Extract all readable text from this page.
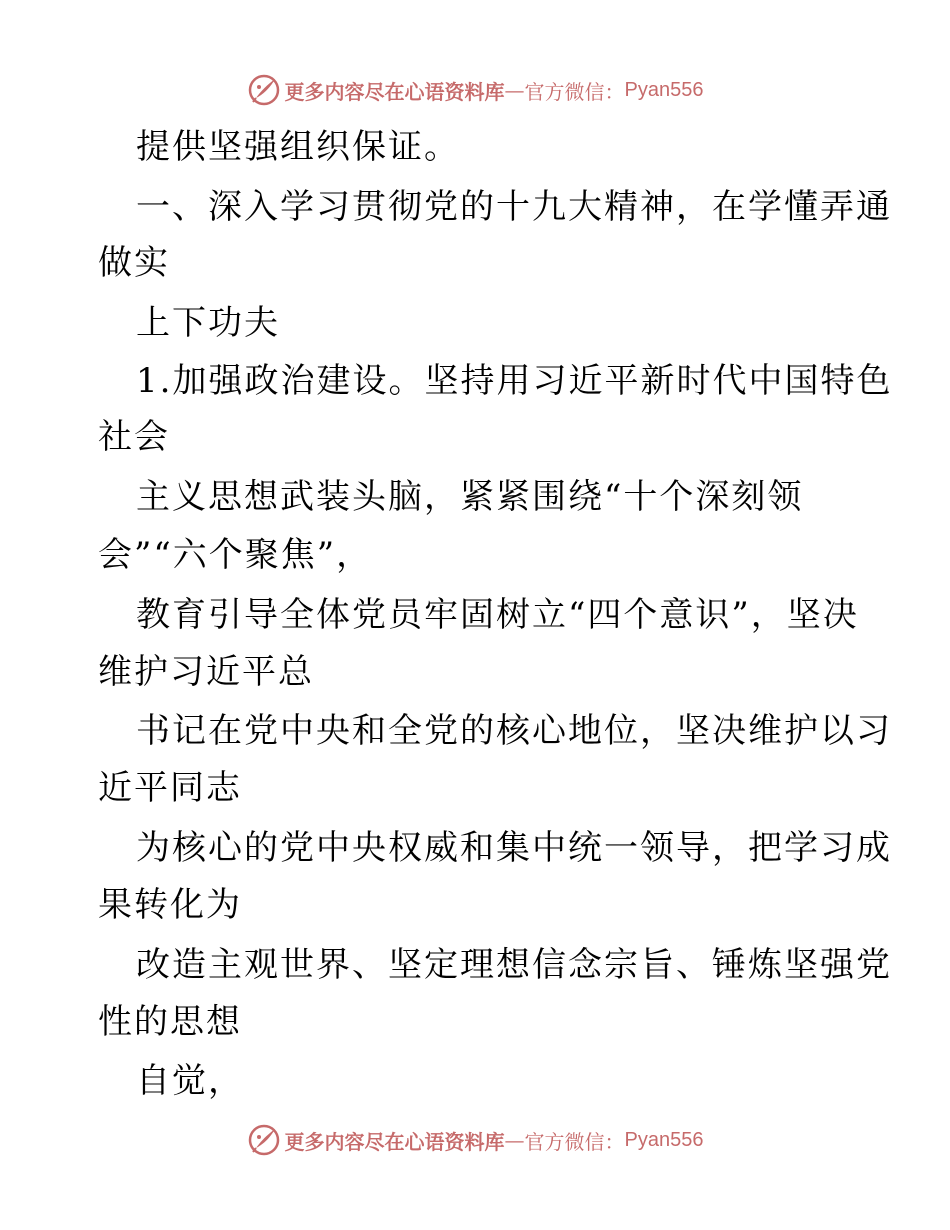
更多内容尽在心语资料库 — 官方微信： Pyan556
提供坚强组织保证。
一、深入学习贯彻党的十九大精神，在学懂弄通
做实
上下功夫
1.加强政治建设。坚持用习近平新时代中国特色
社会
主义思想武装头脑，紧紧围绕“十个深刻领
会”“六个聚焦”，
教育引导全体党员牢固树立“四个意识”，坚决
维护习近平总
书记在党中央和全党的核心地位，坚决维护以习
近平同志
为核心的党中央权威和集中统一领导，把学习成
果转化为
改造主观世界、坚定理想信念宗旨、锤炼坚强党
性的思想
自觉，
更多内容尽在心语资料库 — 官方微信： Pyan556
